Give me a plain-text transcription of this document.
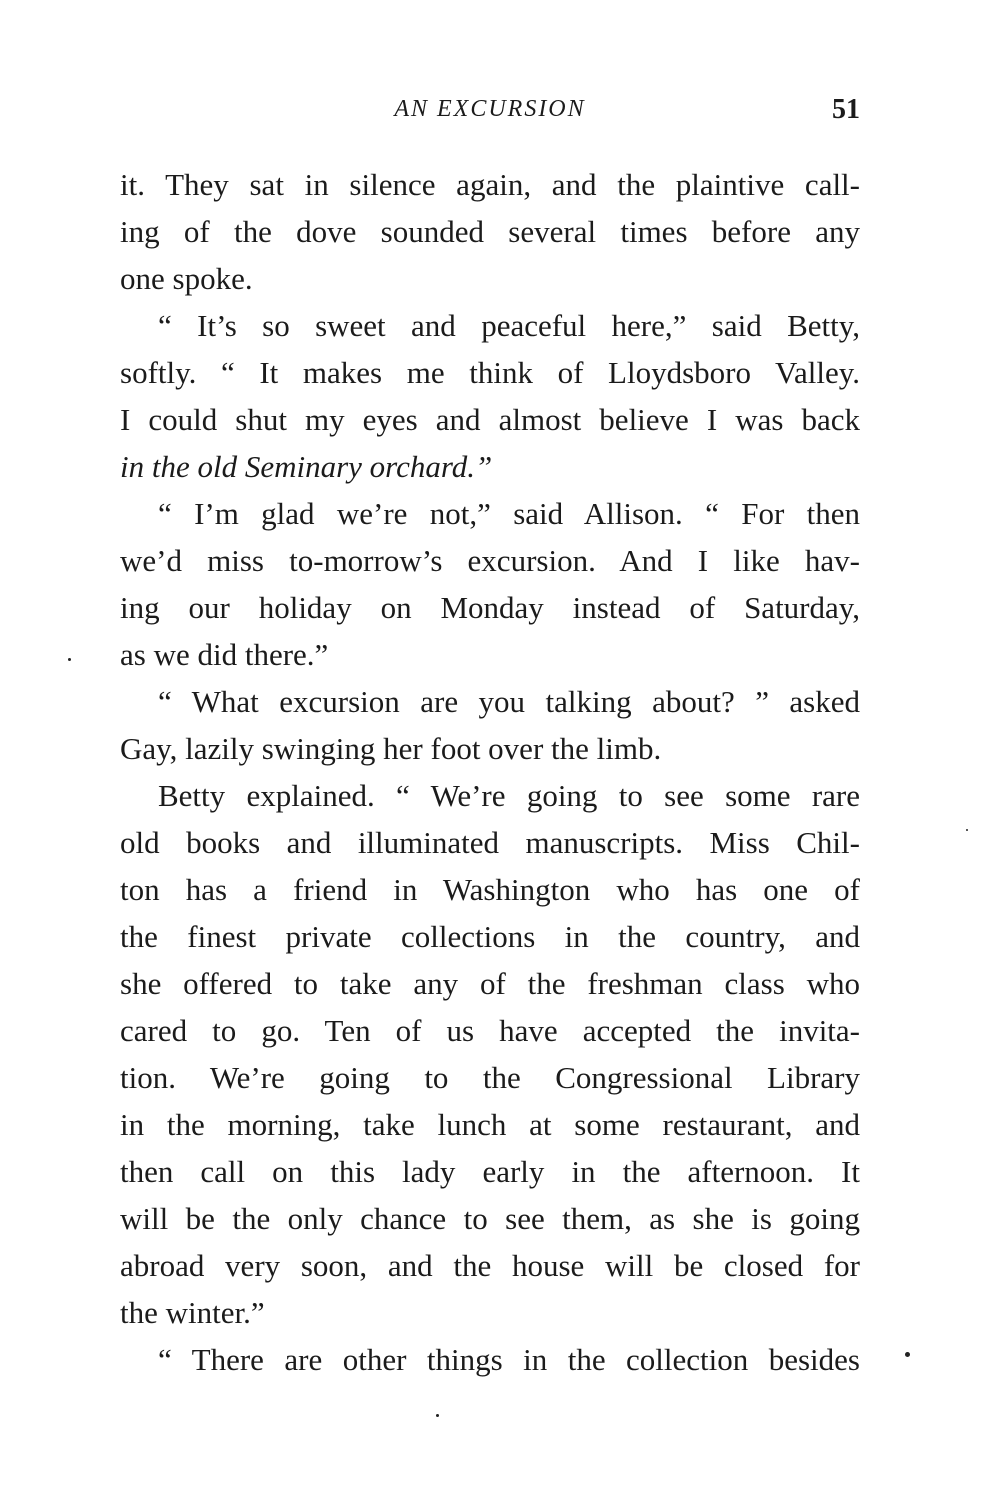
AN EXCURSION	51
it. They sat in silence again, and the plaintive call-
ing of the dove sounded several times before any
one spoke.
“ It’s so sweet and peaceful here,” said Betty,
softly. “ It makes me think of Lloydsboro Valley.
I could shut my eyes and almost believe I was back
in the old Seminary orchard.”
“ I’m glad we’re not,” said Allison. “ For then
we’d miss to-morrow’s excursion. And I like hav-
ing our holiday on Monday instead of Saturday,
as we did there.”
“ What excursion are you talking about? ” asked
Gay, lazily swinging her foot over the limb.
Betty explained. “ We’re going to see some rare
old books and illuminated manuscripts. Miss Chil-
ton has a friend in Washington who has one of
the finest private collections in the country, and
she offered to take any of the freshman class who
cared to go. Ten of us have accepted the invita-
tion. We’re going to the Congressional Library
in the morning, take lunch at some restaurant, and
then call on this lady early in the afternoon. It
will be the only chance to see them, as she is going
abroad very soon, and the house will be closed for
the winter.”
“ There are other things in the collection besides
